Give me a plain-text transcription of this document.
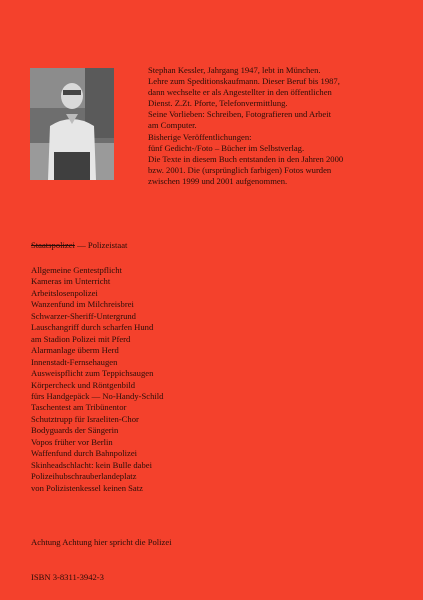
Stephan Kessler, Jahrgang 1947, lebt in München.
Lehre zum Speditionskaufmann. Dieser Beruf bis 1987,
dann wechselte er als Angestellter in den öffentlichen
Dienst. Z.Zt. Pforte, Telefonvermittlung.
Seine Vorlieben: Schreiben, Fotografieren und Arbeit
am Computer.
Bisherige Veröffentlichungen:
fünf Gedicht-/Foto – Bücher im Selbstverlag.
Die Texte in diesem Buch entstanden in den Jahren 2000
bzw. 2001. Die (ursprünglich farbigen) Fotos wurden
zwischen 1999 und 2001 aufgenommen.
Staatspolizei — Polizeistaat
Allgemeine Gentestpflicht
Kameras im Unterricht
Arbeitslosenpolizei
Wanzenfund im Milchreisbrei
Schwarzer-Sheriff-Untergrund
Lauschangriff durch scharfen Hund
am Stadion Polizei mit Pferd
Alarmanlage überm Herd
Innenstadt-Fernsehaugen
Ausweispflicht zum Teppichsaugen
Körpercheck und Röntgenbild
fürs Handgepäck — No-Handy-Schild
Taschentest am Tribünentor
Schutztrupp für Israeliten-Chor
Bodyguards der Sängerin
Vopos früher vor Berlin
Waffenfund durch Bahnpolizei
Skinheadschlacht: kein Bulle dabei
Polizeihubschrauberlandeplatz
von Polizistenkessel keinen Satz
Achtung Achtung hier spricht die Polizei
ISBN 3-8311-3942-3
